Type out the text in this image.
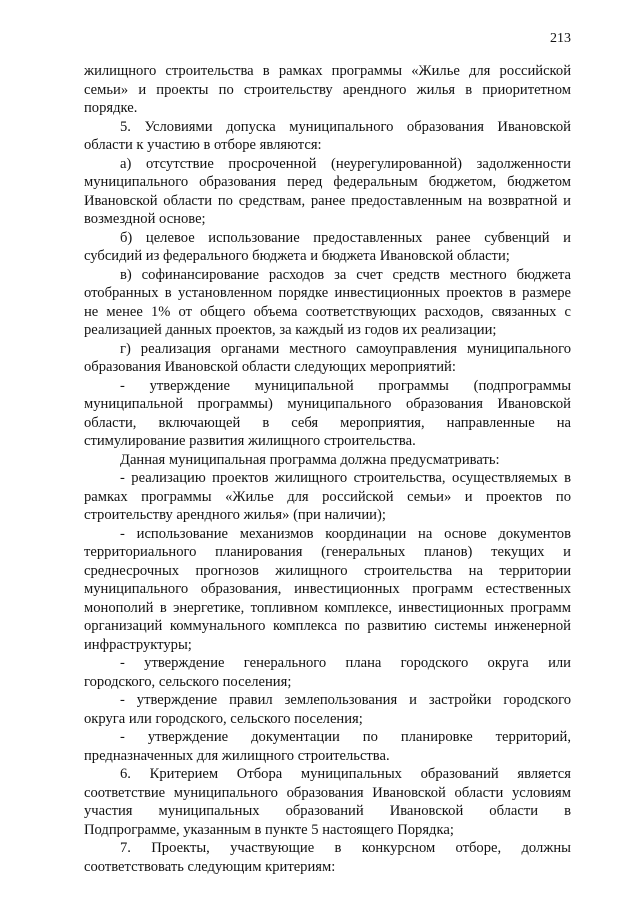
213
жилищного строительства в рамках программы «Жилье для российской
семьи» и проекты по строительству арендного жилья в приоритетном
порядке.
5. Условиями допуска муниципального образования Ивановской
области к участию в отборе являются:
а) отсутствие просроченной (неурегулированной) задолженности
муниципального образования перед федеральным бюджетом, бюджетом
Ивановской области по средствам, ранее предоставленным на возвратной и
возмездной основе;
б) целевое использование предоставленных ранее субвенций и
субсидий из федерального бюджета и бюджета Ивановской области;
в) софинансирование расходов за счет средств местного бюджета
отобранных в установленном порядке инвестиционных проектов в размере
не менее 1% от общего объема соответствующих расходов, связанных с
реализацией данных проектов, за каждый из годов их реализации;
г) реализация органами местного самоуправления муниципального
образования Ивановской области следующих мероприятий:
- утверждение муниципальной программы (подпрограммы
муниципальной программы) муниципального образования Ивановской
области, включающей в себя мероприятия, направленные на
стимулирование развития жилищного строительства.
Данная муниципальная программа должна предусматривать:
- реализацию проектов жилищного строительства, осуществляемых в
рамках программы «Жилье для российской семьи» и проектов по
строительству арендного жилья» (при наличии);
- использование механизмов координации на основе документов
территориального планирования (генеральных планов) текущих и
среднесрочных прогнозов жилищного строительства на территории
муниципального образования, инвестиционных программ естественных
монополий в энергетике, топливном комплексе, инвестиционных программ
организаций коммунального комплекса по развитию системы инженерной
инфраструктуры;
- утверждение генерального плана городского округа или
городского, сельского поселения;
- утверждение правил землепользования и застройки городского
округа или городского, сельского поселения;
- утверждение документации по планировке территорий,
предназначенных для жилищного строительства.
6. Критерием Отбора муниципальных образований является
соответствие муниципального образования Ивановской области условиям
участия муниципальных образований Ивановской области в
Подпрограмме, указанным в пункте 5 настоящего Порядка;
7. Проекты, участвующие в конкурсном отборе, должны
соответствовать следующим критериям:
